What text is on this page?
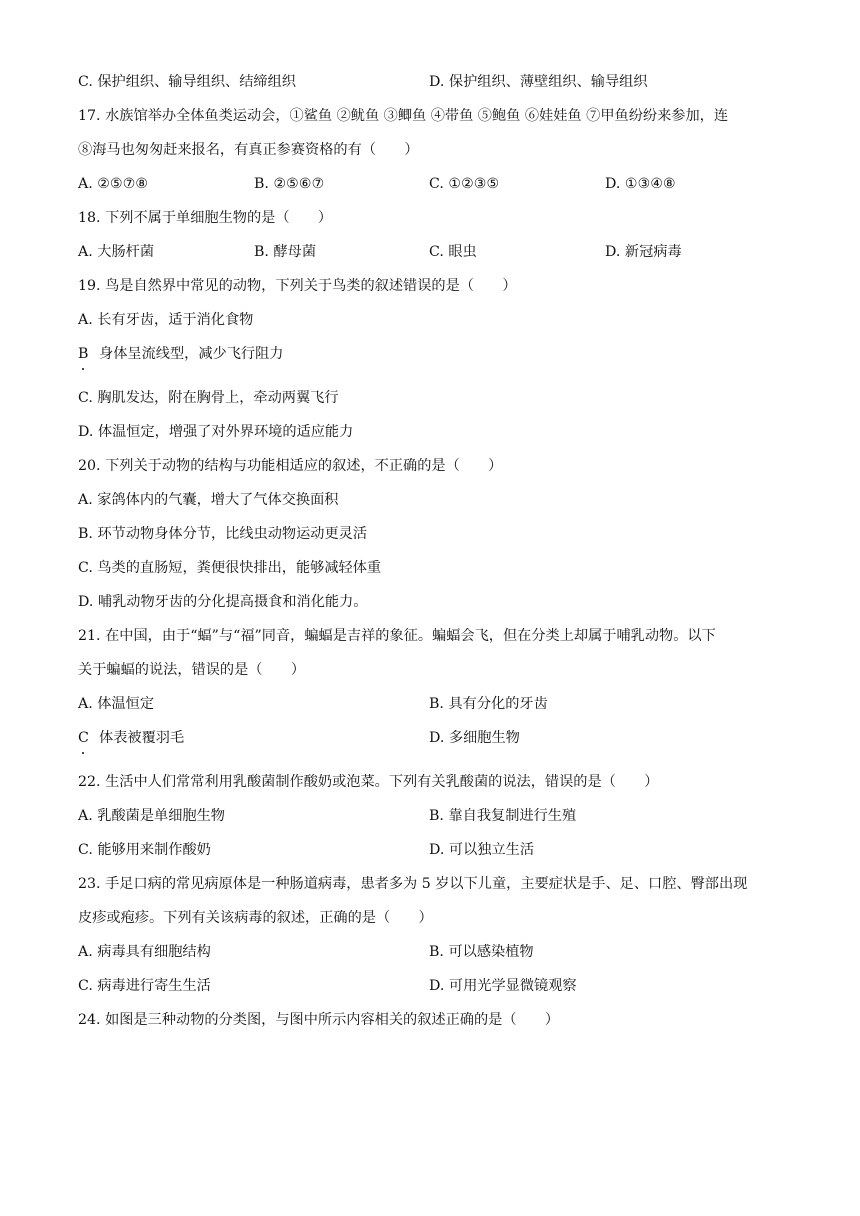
C. 保护组织、输导组织、结缔组织	D. 保护组织、薄壁组织、输导组织
17. 水族馆举办全体鱼类运动会，①鲨鱼 ②鱿鱼 ③鲫鱼 ④带鱼 ⑤鲍鱼 ⑥娃娃鱼 ⑦甲鱼纷纷来参加，连
⑧海马也匆匆赶来报名，有真正参赛资格的有（　　）
A. ②⑤⑦⑧	B. ②⑤⑥⑦	C. ①②③⑤	D. ①③④⑧
18. 下列不属于单细胞生物的是（　　）
A. 大肠杆菌	B. 酵母菌	C. 眼虫	D. 新冠病毒
19. 鸟是自然界中常见的动物，下列关于鸟类的叙述错误的是（　　）
A. 长有牙齿，适于消化食物
B 身体呈流线型，减少飞行阻力
C. 胸肌发达，附在胸骨上，牵动两翼飞行
D. 体温恒定，增强了对外界环境的适应能力
20. 下列关于动物的结构与功能相适应的叙述，不正确的是（　　）
A. 家鸽体内的气囊，增大了气体交换面积
B. 环节动物身体分节，比线虫动物运动更灵活
C. 鸟类的直肠短，粪便很快排出，能够减轻体重
D. 哺乳动物牙齿的分化提高摄食和消化能力。
21. 在中国，由于“蝠”与“福”同音，蝙蝠是吉祥的象征。蝙蝠会飞，但在分类上却属于哺乳动物。以下
关于蝙蝠的说法，错误的是（　　）
A. 体温恒定	B. 具有分化的牙齿
C 体表被覆羽毛	D. 多细胞生物
22. 生活中人们常常利用乳酸菌制作酸奶或泡菜。下列有关乳酸菌的说法，错误的是（　　）
A. 乳酸菌是单细胞生物	B. 靠自我复制进行生殖
C. 能够用来制作酸奶	D. 可以独立生活
23. 手足口病的常见病原体是一种肠道病毒，患者多为 5 岁以下儿童，主要症状是手、足、口腔、臀部出现
皮疹或疱疹。下列有关该病毒的叙述，正确的是（　　）
A. 病毒具有细胞结构	B. 可以感染植物
C. 病毒进行寄生生活	D. 可用光学显微镜观察
24. 如图是三种动物的分类图，与图中所示内容相关的叙述正确的是（　　）
